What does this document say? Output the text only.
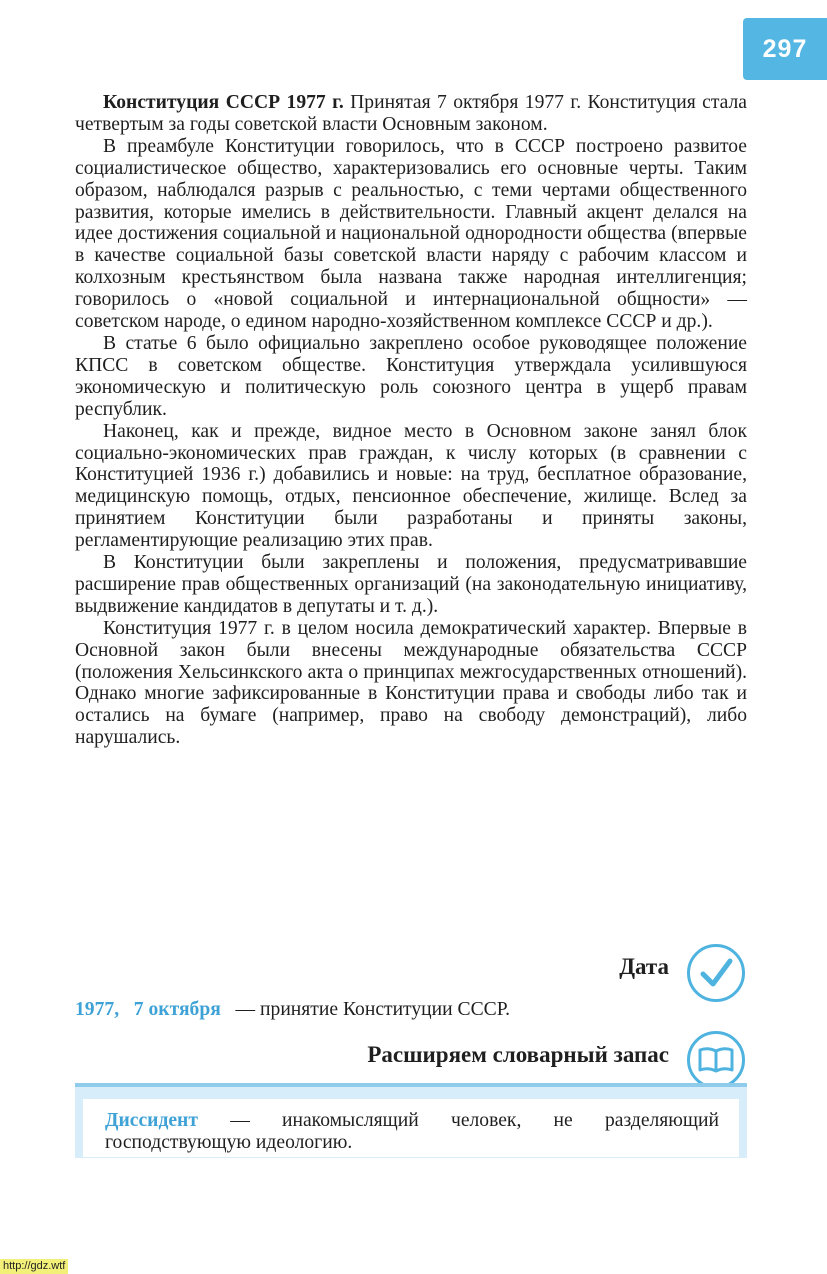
297

Конституция СССР 1977 г. Принятая 7 октября 1977 г. Конституция стала четвертым за годы советской власти Основным законом.

В преамбуле Конституции говорилось, что в СССР построено развитое социалистическое общество, характеризовались его основные черты. Таким образом, наблюдался разрыв с реальностью, с теми чертами общественного развития, которые имелись в действительности. Главный акцент делался на идее достижения социальной и национальной однородности общества (впервые в качестве социальной базы советской власти наряду с рабочим классом и колхозным крестьянством была названа также народная интеллигенция; говорилось о «новой социальной и интернациональной общности» — советском народе, о едином народно-хозяйственном комплексе СССР и др.).

В статье 6 было официально закреплено особое руководящее положение КПСС в советском обществе. Конституция утверждала усилившуюся экономическую и политическую роль союзного центра в ущерб правам республик.

Наконец, как и прежде, видное место в Основном законе занял блок социально-экономических прав граждан, к числу которых (в сравнении с Конституцией 1936 г.) добавились и новые: на труд, бесплатное образование, медицинскую помощь, отдых, пенсионное обеспечение, жилище. Вслед за принятием Конституции были разработаны и приняты законы, регламентирующие реализацию этих прав.

В Конституции были закреплены и положения, предусматривавшие расширение прав общественных организаций (на законодательную инициативу, выдвижение кандидатов в депутаты и т. д.).

Конституция 1977 г. в целом носила демократический характер. Впервые в Основной закон были внесены международные обязательства СССР (положения Хельсинкского акта о принципах межгосударственных отношений). Однако многие зафиксированные в Конституции права и свободы либо так и остались на бумаге (например, право на свободу демонстраций), либо нарушались.

Дата
1977, 7 октября   — принятие Конституции СССР.
Расширяем словарный запас
Диссидент — инакомыслящий человек, не разделяющий господствующую идеологию.
http://gdz.wtf
